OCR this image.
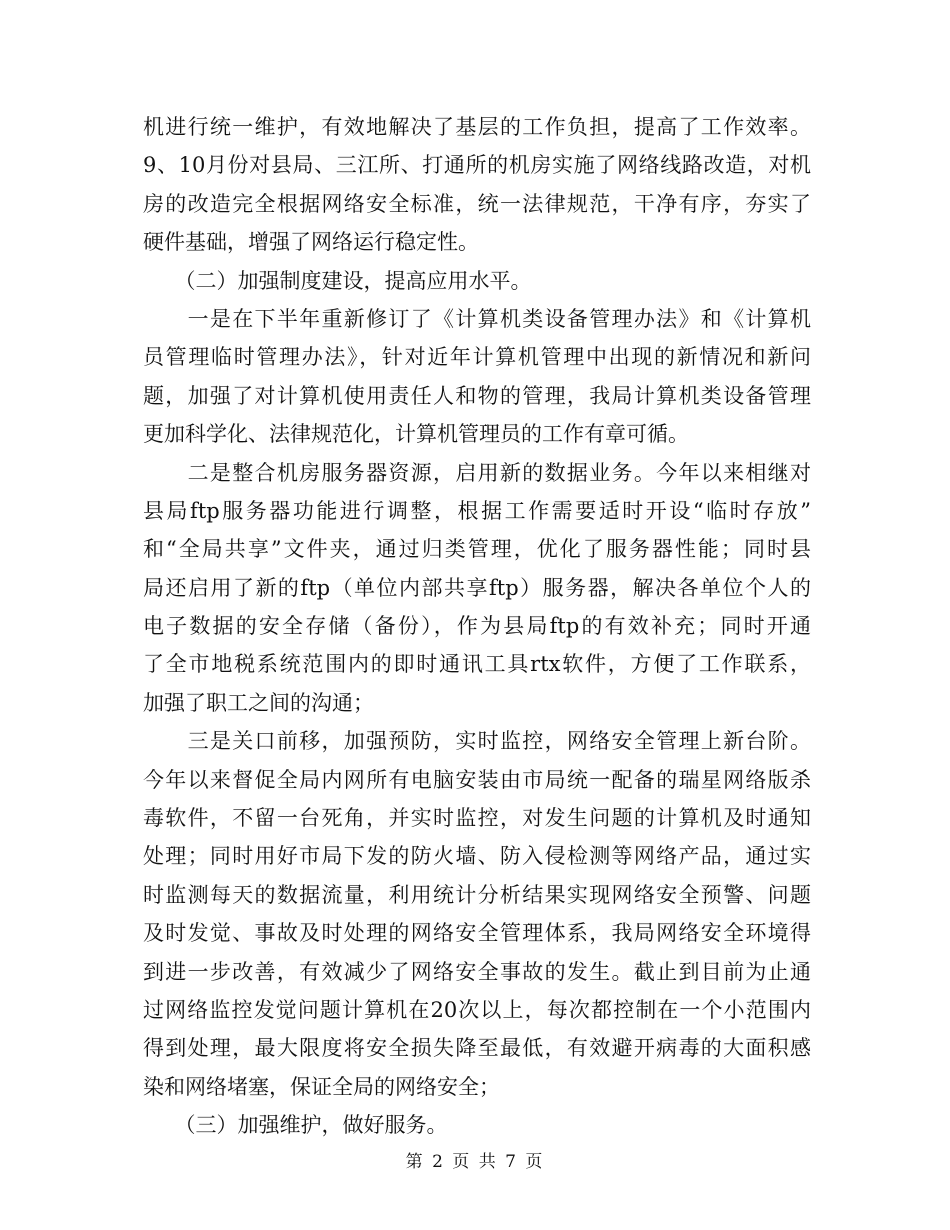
机进行统一维护，有效地解决了基层的工作负担，提高了工作效率。
9、10月份对县局、三江所、打通所的机房实施了网络线路改造，对机
房的改造完全根据网络安全标准，统一法律规范，干净有序，夯实了
硬件基础，增强了网络运行稳定性。
　　（二）加强制度建设，提高应用水平。
　　一是在下半年重新修订了《计算机类设备管理办法》和《计算机
员管理临时管理办法》，针对近年计算机管理中出现的新情况和新问
题，加强了对计算机使用责任人和物的管理，我局计算机类设备管理
更加科学化、法律规范化，计算机管理员的工作有章可循。
　　二是整合机房服务器资源，启用新的数据业务。今年以来相继对
县局ftp服务器功能进行调整，根据工作需要适时开设“临时存放”
和“全局共享”文件夹，通过归类管理，优化了服务器性能；同时县
局还启用了新的ftp（单位内部共享ftp）服务器，解决各单位个人的
电子数据的安全存储（备份），作为县局ftp的有效补充；同时开通
了全市地税系统范围内的即时通讯工具rtx软件，方便了工作联系，
加强了职工之间的沟通；
　　三是关口前移，加强预防，实时监控，网络安全管理上新台阶。
今年以来督促全局内网所有电脑安装由市局统一配备的瑞星网络版杀
毒软件，不留一台死角，并实时监控，对发生问题的计算机及时通知
处理；同时用好市局下发的防火墙、防入侵检测等网络产品，通过实
时监测每天的数据流量，利用统计分析结果实现网络安全预警、问题
及时发觉、事故及时处理的网络安全管理体系，我局网络安全环境得
到进一步改善，有效减少了网络安全事故的发生。截止到目前为止通
过网络监控发觉问题计算机在20次以上，每次都控制在一个小范围内
得到处理，最大限度将安全损失降至最低，有效避开病毒的大面积感
染和网络堵塞，保证全局的网络安全；
　　（三）加强维护，做好服务。
第 2 页 共 7 页
